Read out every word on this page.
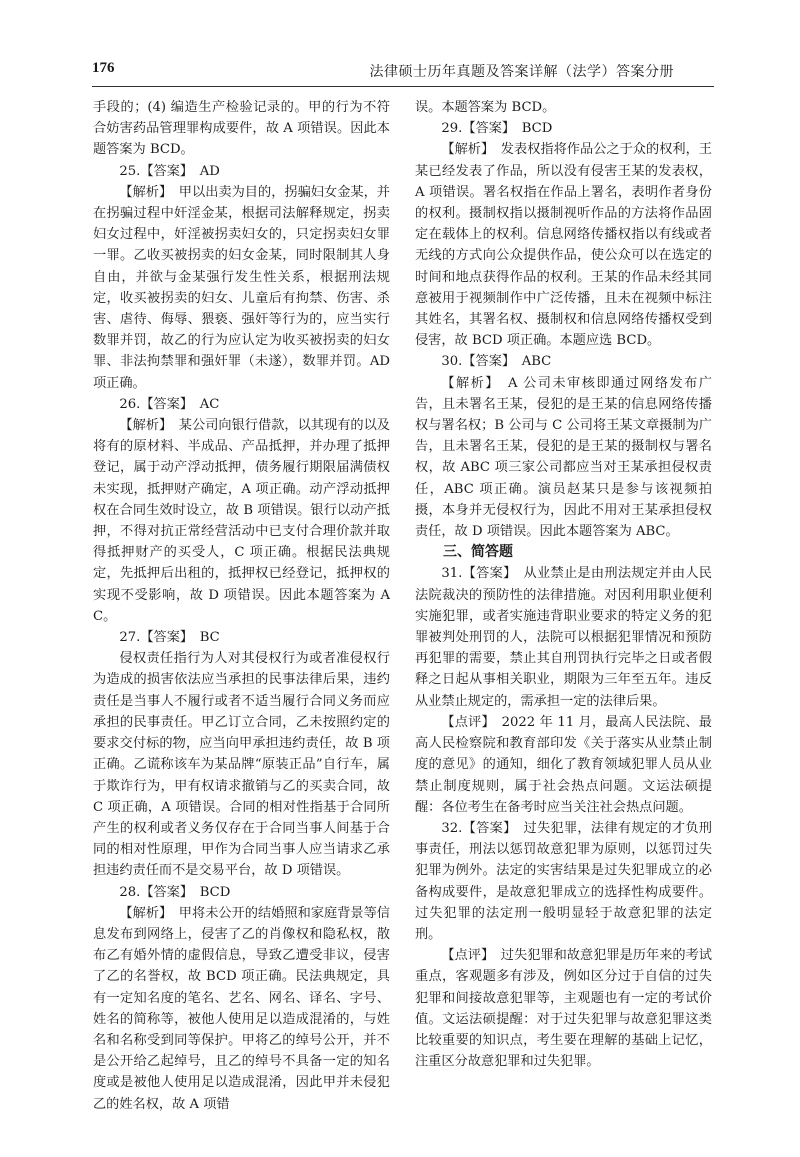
176	法律硕士历年真题及答案详解（法学）答案分册

手段的；(4) 编造生产检验记录的。甲的行为不符合妨害药品管理罪构成要件，故 A 项错误。因此本题答案为 BCD。

25.【答案】　AD

【解析】　甲以出卖为目的，拐骗妇女金某，并在拐骗过程中奸淫金某，根据司法解释规定，拐卖妇女过程中，奸淫被拐卖妇女的，只定拐卖妇女罪一罪。乙收买被拐卖的妇女金某，同时限制其人身自由，并欲与金某强行发生性关系，根据刑法规定，收买被拐卖的妇女、儿童后有拘禁、伤害、杀害、虐待、侮辱、猥亵、强奸等行为的，应当实行数罪并罚，故乙的行为应认定为收买被拐卖的妇女罪、非法拘禁罪和强奸罪（未遂），数罪并罚。AD 项正确。

26.【答案】　AC

【解析】　某公司向银行借款，以其现有的以及将有的原材料、半成品、产品抵押，并办理了抵押登记，属于动产浮动抵押，债务履行期限届满债权未实现，抵押财产确定，A 项正确。动产浮动抵押权在合同生效时设立，故 B 项错误。银行以动产抵押，不得对抗正常经营活动中已支付合理价款并取得抵押财产的买受人，C 项正确。根据民法典规定，先抵押后出租的，抵押权已经登记，抵押权的实现不受影响，故 D 项错误。因此本题答案为 AC。

27.【答案】　BC

侵权责任指行为人对其侵权行为或者准侵权行为造成的损害依法应当承担的民事法律后果，违约责任是当事人不履行或者不适当履行合同义务而应承担的民事责任。甲乙订立合同，乙未按照约定的要求交付标的物，应当向甲承担违约责任，故 B 项正确。乙谎称该车为某品牌“原装正品”自行车，属于欺诈行为，甲有权请求撤销与乙的买卖合同，故 C 项正确，A 项错误。合同的相对性指基于合同所产生的权利或者义务仅存在于合同当事人间基于合同的相对性原理，甲作为合同当事人应当请求乙承担违约责任而不是交易平台，故 D 项错误。

28.【答案】　BCD

【解析】　甲将未公开的结婚照和家庭背景等信息发布到网络上，侵害了乙的肖像权和隐私权，散布乙有婚外情的虚假信息，导致乙遭受非议，侵害了乙的名誉权，故 BCD 项正确。民法典规定，具有一定知名度的笔名、艺名、网名、译名、字号、姓名的简称等，被他人使用足以造成混淆的，与姓名和名称受到同等保护。甲将乙的绰号公开，并不是公开给乙起绰号，且乙的绰号不具备一定的知名度或是被他人使用足以造成混淆，因此甲并未侵犯乙的姓名权，故 A 项错

误。本题答案为 BCD。

29.【答案】　BCD

【解析】　发表权指将作品公之于众的权利，王某已经发表了作品，所以没有侵害王某的发表权，A 项错误。署名权指在作品上署名，表明作者身份的权利。摄制权指以摄制视听作品的方法将作品固定在载体上的权利。信息网络传播权指以有线或者无线的方式向公众提供作品，使公众可以在选定的时间和地点获得作品的权利。王某的作品未经其同意被用于视频制作中广泛传播，且未在视频中标注其姓名，其署名权、摄制权和信息网络传播权受到侵害，故 BCD 项正确。本题应选 BCD。

30.【答案】　ABC

【解析】　A 公司未审核即通过网络发布广告，且未署名王某，侵犯的是王某的信息网络传播权与署名权；B 公司与 C 公司将王某文章摄制为广告，且未署名王某，侵犯的是王某的摄制权与署名权，故 ABC 项三家公司都应当对王某承担侵权责任，ABC 项正确。演员赵某只是参与该视频拍摄，本身并无侵权行为，因此不用对王某承担侵权责任，故 D 项错误。因此本题答案为 ABC。

三、简答题

31.【答案】　从业禁止是由刑法规定并由人民法院裁决的预防性的法律措施。对因利用职业便利实施犯罪，或者实施违背职业要求的特定义务的犯罪被判处刑罚的人，法院可以根据犯罪情况和预防再犯罪的需要，禁止其自刑罚执行完毕之日或者假释之日起从事相关职业，期限为三年至五年。违反从业禁止规定的，需承担一定的法律后果。

【点评】　2022 年 11 月，最高人民法院、最高人民检察院和教育部印发《关于落实从业禁止制度的意见》的通知，细化了教育领域犯罪人员从业禁止制度规则，属于社会热点问题。文运法硕提醒：各位考生在备考时应当关注社会热点问题。

32.【答案】　过失犯罪，法律有规定的才负刑事责任，刑法以惩罚故意犯罪为原则，以惩罚过失犯罪为例外。法定的实害结果是过失犯罪成立的必备构成要件，是故意犯罪成立的选择性构成要件。过失犯罪的法定刑一般明显轻于故意犯罪的法定刑。

【点评】　过失犯罪和故意犯罪是历年来的考试重点，客观题多有涉及，例如区分过于自信的过失犯罪和间接故意犯罪等，主观题也有一定的考试价值。文运法硕提醒：对于过失犯罪与故意犯罪这类比较重要的知识点，考生要在理解的基础上记忆，注重区分故意犯罪和过失犯罪。
